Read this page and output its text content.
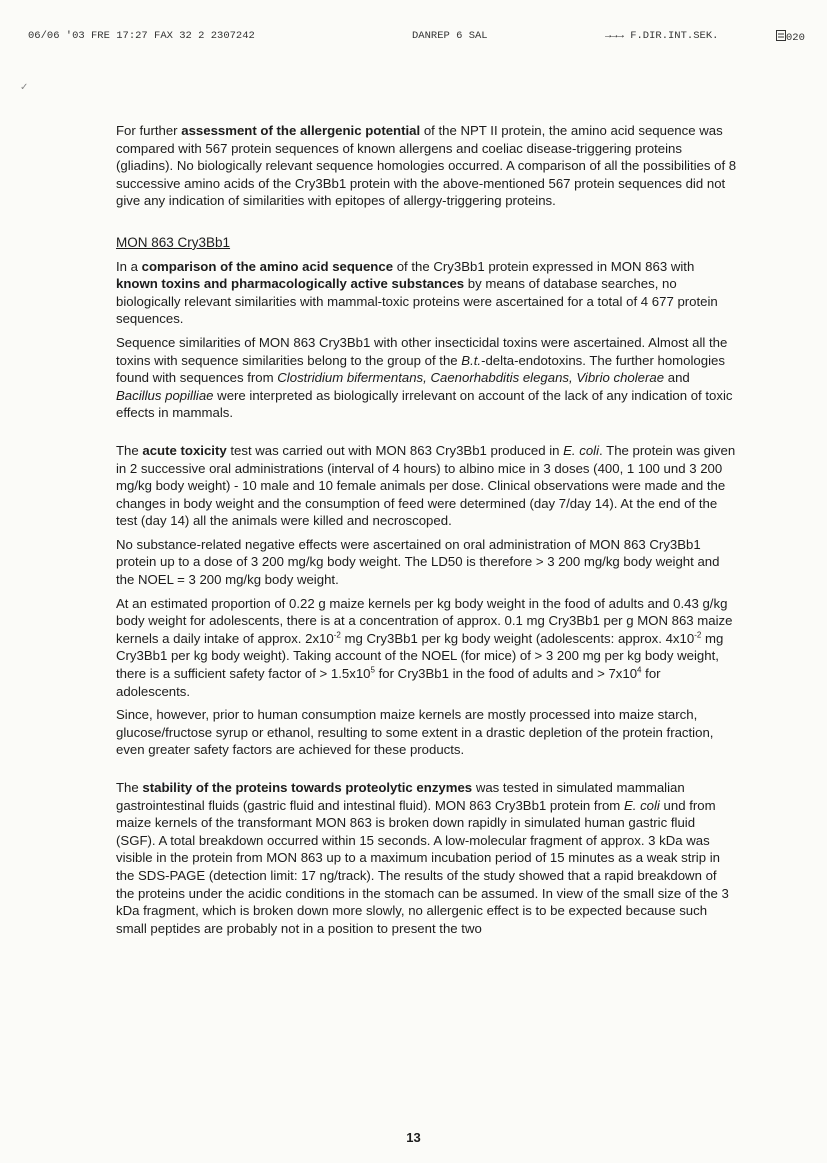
06/06 '03 FRE 17:27 FAX 32 2 2307242	DANREP 6 SAL	→→→ F.DIR.INT.SEK.	020
✓

For further assessment of the allergenic potential of the NPT II protein, the amino acid sequence was compared with 567 protein sequences of known allergens and coeliac disease-triggering proteins (gliadins). No biologically relevant sequence homologies occurred. A comparison of all the possibilities of 8 successive amino acids of the Cry3Bb1 protein with the above-mentioned 567 protein sequences did not give any indication of similarities with epitopes of allergy-triggering proteins.

MON 863 Cry3Bb1

In a comparison of the amino acid sequence of the Cry3Bb1 protein expressed in MON 863 with known toxins and pharmacologically active substances by means of database searches, no biologically relevant similarities with mammal-toxic proteins were ascertained for a total of 4 677 protein sequences.

Sequence similarities of MON 863 Cry3Bb1 with other insecticidal toxins were ascertained. Almost all the toxins with sequence similarities belong to the group of the B.t.-delta-endotoxins. The further homologies found with sequences from Clostridium bifermentans, Caenorhabditis elegans, Vibrio cholerae and Bacillus popilliae were interpreted as biologically irrelevant on account of the lack of any indication of toxic effects in mammals.

The acute toxicity test was carried out with MON 863 Cry3Bb1 produced in E. coli. The protein was given in 2 successive oral administrations (interval of 4 hours) to albino mice in 3 doses (400, 1 100 und 3 200 mg/kg body weight) - 10 male and 10 female animals per dose. Clinical observations were made and the changes in body weight and the consumption of feed were determined (day 7/day 14). At the end of the test (day 14) all the animals were killed and necroscoped.

No substance-related negative effects were ascertained on oral administration of MON 863 Cry3Bb1 protein up to a dose of 3 200 mg/kg body weight. The LD50 is therefore > 3 200 mg/kg body weight and the NOEL = 3 200 mg/kg body weight.

At an estimated proportion of 0.22 g maize kernels per kg body weight in the food of adults and 0.43 g/kg body weight for adolescents, there is at a concentration of approx. 0.1 mg Cry3Bb1 per g MON 863 maize kernels a daily intake of approx. $2x10^{-2}$ mg Cry3Bb1 per kg body weight (adolescents: approx. $4x10^{-2}$ mg Cry3Bb1 per kg body weight). Taking account of the NOEL (for mice) of > 3 200 mg per kg body weight, there is a sufficient safety factor of > $1.5x10^5$ for Cry3Bb1 in the food of adults and > $7x10^4$ for adolescents.

Since, however, prior to human consumption maize kernels are mostly processed into maize starch, glucose/fructose syrup or ethanol, resulting to some extent in a drastic depletion of the protein fraction, even greater safety factors are achieved for these products.

The stability of the proteins towards proteolytic enzymes was tested in simulated mammalian gastrointestinal fluids (gastric fluid and intestinal fluid). MON 863 Cry3Bb1 protein from E. coli und from maize kernels of the transformant MON 863 is broken down rapidly in simulated human gastric fluid (SGF). A total breakdown occurred within 15 seconds. A low-molecular fragment of approx. 3 kDa was visible in the protein from MON 863 up to a maximum incubation period of 15 minutes as a weak strip in the SDS-PAGE (detection limit: 17 ng/track). The results of the study showed that a rapid breakdown of the proteins under the acidic conditions in the stomach can be assumed. In view of the small size of the 3 kDa fragment, which is broken down more slowly, no allergenic effect is to be expected because such small peptides are probably not in a position to present the two

13
